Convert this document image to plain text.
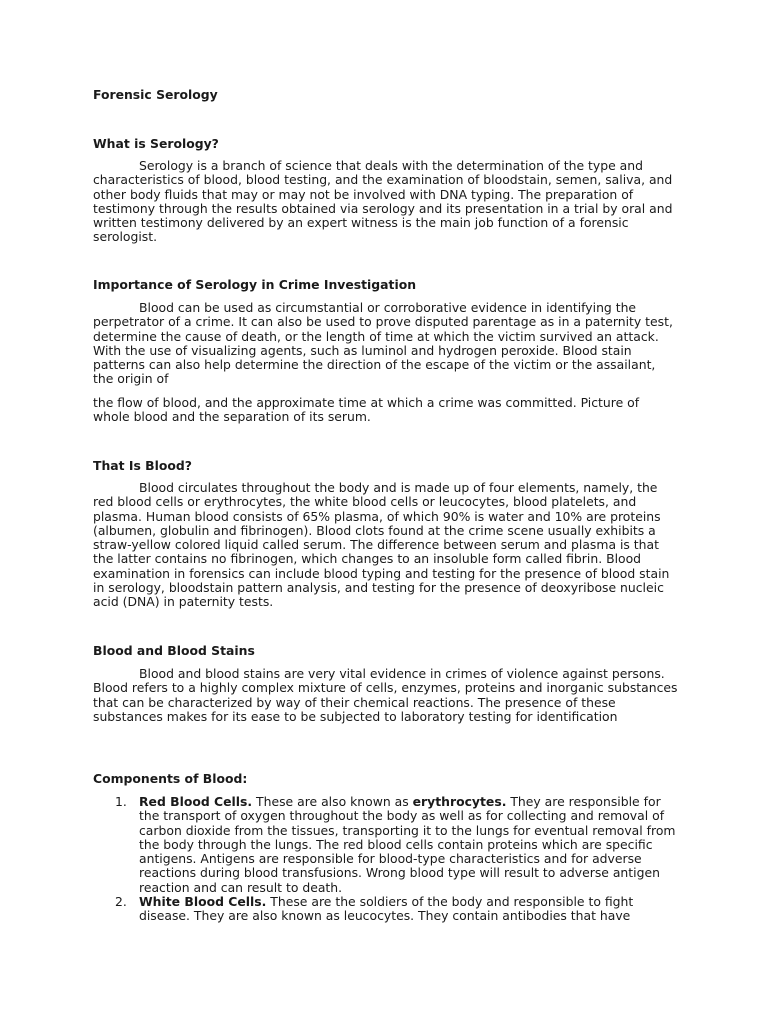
Forensic Serology
What is Serology?

Serology is a branch of science that deals with the determination of the type and characteristics of blood, blood testing, and the examination of bloodstain, semen, saliva, and other body fluids that may or may not be involved with DNA typing. The preparation of testimony through the results obtained via serology and its presentation in a trial by oral and written testimony delivered by an expert witness is the main job function of a forensic serologist.

Importance of Serology in Crime Investigation

Blood can be used as circumstantial or corroborative evidence in identifying the perpetrator of a crime. It can also be used to prove disputed parentage as in a paternity test, determine the cause of death, or the length of time at which the victim survived an attack. With the use of visualizing agents, such as luminol and hydrogen peroxide. Blood stain patterns can also help determine the direction of the escape of the victim or the assailant, the origin of

the flow of blood, and the approximate time at which a crime was committed. Picture of whole blood and the separation of its serum.

That Is Blood?

Blood circulates throughout the body and is made up of four elements, namely, the red blood cells or erythrocytes, the white blood cells or leucocytes, blood platelets, and plasma. Human blood consists of 65% plasma, of which 90% is water and 10% are proteins (albumen, globulin and fibrinogen). Blood clots found at the crime scene usually exhibits a straw-yellow colored liquid called serum. The difference between serum and plasma is that the latter contains no fibrinogen, which changes to an insoluble form called fibrin. Blood examination in forensics can include blood typing and testing for the presence of blood stain in serology, bloodstain pattern analysis, and testing for the presence of deoxyribose nucleic acid (DNA) in paternity tests.

Blood and Blood Stains

Blood and blood stains are very vital evidence in crimes of violence against persons. Blood refers to a highly complex mixture of cells, enzymes, proteins and inorganic substances that can be characterized by way of their chemical reactions. The presence of these substances makes for its ease to be subjected to laboratory testing for identification

Components of Blood:
1. Red Blood Cells. These are also known as erythrocytes. They are responsible for the transport of oxygen throughout the body as well as for collecting and removal of carbon dioxide from the tissues, transporting it to the lungs for eventual removal from the body through the lungs. The red blood cells contain proteins which are specific antigens. Antigens are responsible for blood-type characteristics and for adverse reactions during blood transfusions. Wrong blood type will result to adverse antigen reaction and can result to death.
2. White Blood Cells. These are the soldiers of the body and responsible to fight disease. They are also known as leucocytes. They contain antibodies that have
